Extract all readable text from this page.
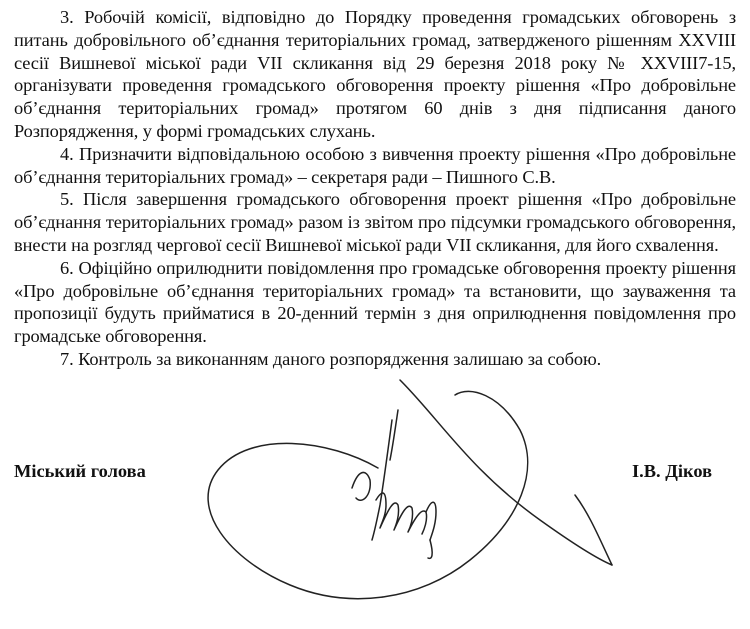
3. Робочій комісії, відповідно до Порядку проведення громадських обговорень з питань добровільного об’єднання територіальних громад, затвердженого рішенням XXVIII сесії Вишневої міської ради VII скликання від 29 березня 2018 року № XXVIII7-15, організувати проведення громадського обговорення проекту рішення «Про добровільне об’єднання територіальних громад» протягом 60 днів з дня підписання даного Розпорядження, у формі громадських слухань.

4. Призначити відповідальною особою з вивчення проекту рішення «Про добровільне об’єднання територіальних громад» – секретаря ради – Пишного С.В.

5. Після завершення громадського обговорення проект рішення «Про добровільне об’єднання територіальних громад» разом із звітом про підсумки громадського обговорення, внести на розгляд чергової сесії Вишневої міської ради VII скликання, для його схвалення.

6. Офіційно оприлюднити повідомлення про громадське обговорення проекту рішення «Про добровільне об’єднання територіальних громад» та встановити, що зауваження та пропозиції будуть прийматися в 20-денний термін з дня оприлюднення повідомлення про громадське обговорення.

7. Контроль за виконанням даного розпорядження залишаю за собою.

Міський голова	І.В. Діков
